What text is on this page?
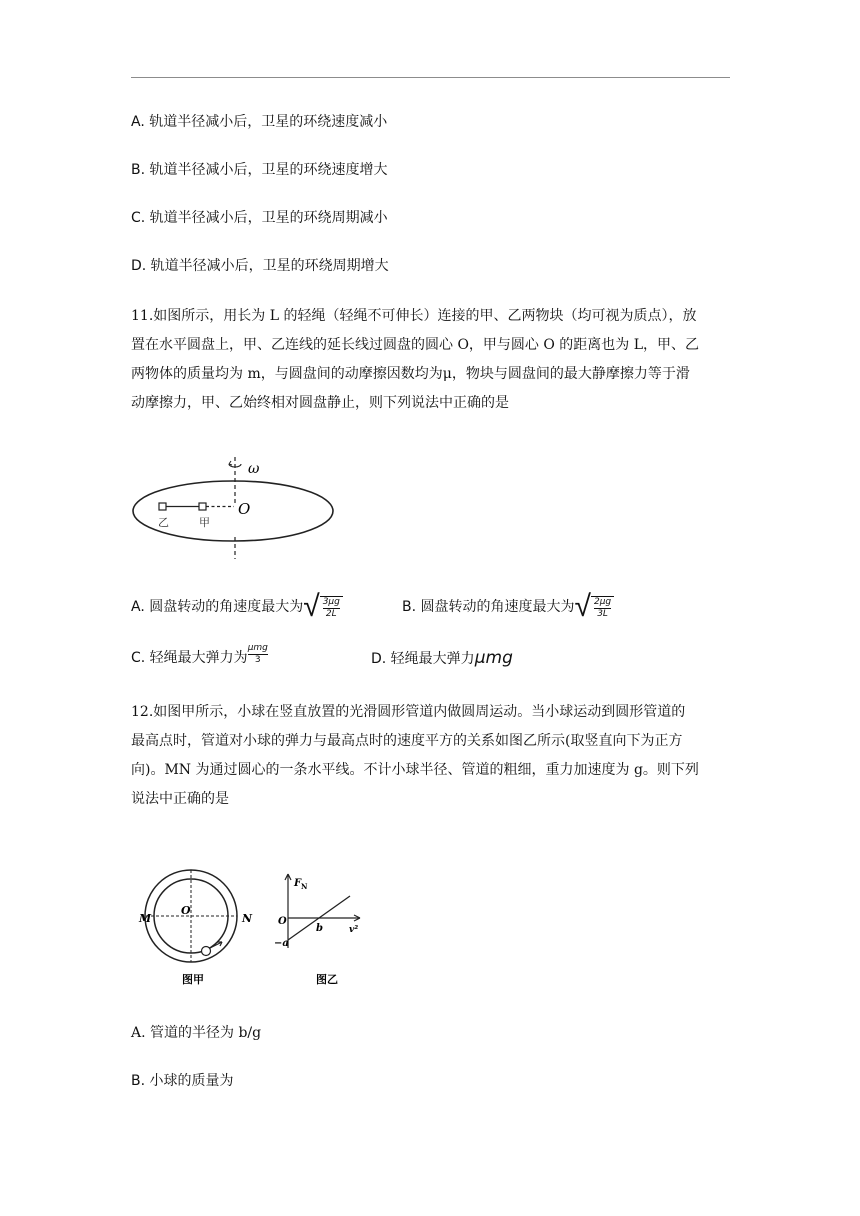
A. 轨道半径减小后，卫星的环绕速度减小
B. 轨道半径减小后，卫星的环绕速度增大
C. 轨道半径减小后，卫星的环绕周期减小
D. 轨道半径减小后，卫星的环绕周期增大
11.如图所示，用长为 L 的轻绳（轻绳不可伸长）连接的甲、乙两物块（均可视为质点），放
置在水平圆盘上，甲、乙连线的延长线过圆盘的圆心 O，甲与圆心 O 的距离也为 L，甲、乙
两物体的质量均为 m，与圆盘间的动摩擦因数均为μ，物块与圆盘间的最大静摩擦力等于滑
动摩擦力，甲、乙始终相对圆盘静止，则下列说法中正确的是
ω
O
乙	甲
A. 圆盘转动的角速度最大为 √ 3μg
2L	B. 圆盘转动的角速度最大为 √ 2μg
3L
C. 轻绳最大弹力为
μmg
3	D. 轻绳最大弹力μmg
12.如图甲所示，小球在竖直放置的光滑圆形管道内做圆周运动。当小球运动到圆形管道的
最高点时，管道对小球的弹力与最高点时的速度平方的关系如图乙所示(取竖直向下为正方
向)。MN 为通过圆心的一条水平线。不计小球半径、管道的粗细，重力加速度为 g。则下列
说法中正确的是
M	N
O
图甲
F N
O
b	v²
−a
图乙
A. 管道的半径为 b/g
B. 小球的质量为
